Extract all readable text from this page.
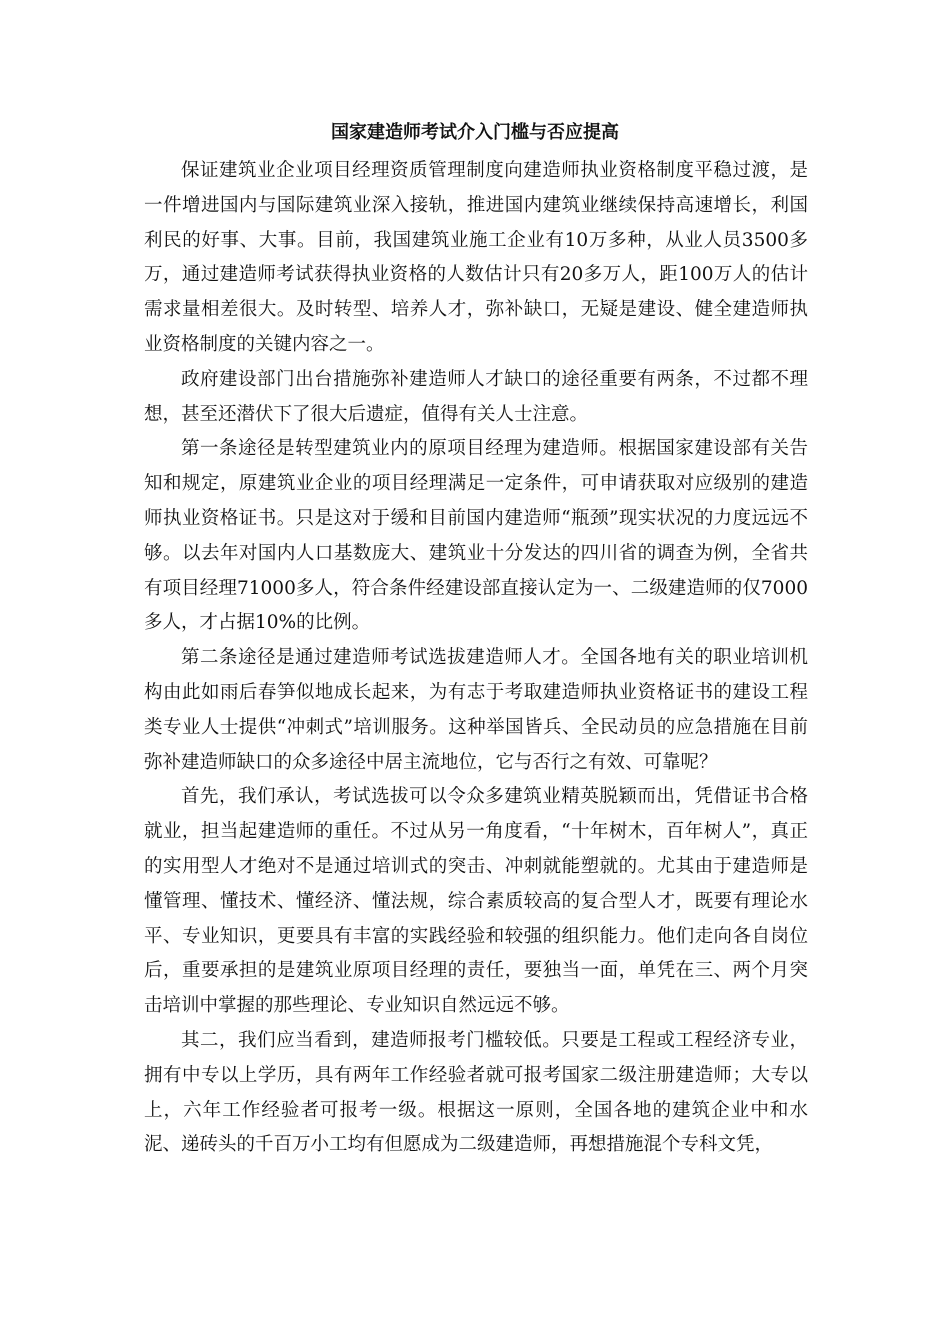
国家建造师考试介入门槛与否应提高

保证建筑业企业项目经理资质管理制度向建造师执业资格制度平稳过渡，是一件增进国内与国际建筑业深入接轨，推进国内建筑业继续保持高速增长，利国利民的好事、大事。目前，我国建筑业施工企业有10万多种，从业人员3500多万，通过建造师考试获得执业资格的人数估计只有20多万人，距100万人的估计需求量相差很大。及时转型、培养人才，弥补缺口，无疑是建设、健全建造师执业资格制度的关键内容之一。

政府建设部门出台措施弥补建造师人才缺口的途径重要有两条，不过都不理想，甚至还潜伏下了很大后遗症，值得有关人士注意。

第一条途径是转型建筑业内的原项目经理为建造师。根据国家建设部有关告知和规定，原建筑业企业的项目经理满足一定条件，可申请获取对应级别的建造师执业资格证书。只是这对于缓和目前国内建造师“瓶颈”现实状况的力度远远不够。以去年对国内人口基数庞大、建筑业十分发达的四川省的调查为例，全省共有项目经理71000多人，符合条件经建设部直接认定为一、二级建造师的仅7000多人，才占据10%的比例。

第二条途径是通过建造师考试选拔建造师人才。全国各地有关的职业培训机构由此如雨后春笋似地成长起来，为有志于考取建造师执业资格证书的建设工程类专业人士提供“冲刺式”培训服务。这种举国皆兵、全民动员的应急措施在目前弥补建造师缺口的众多途径中居主流地位，它与否行之有效、可靠呢？

首先，我们承认，考试选拔可以令众多建筑业精英脱颖而出，凭借证书合格就业，担当起建造师的重任。不过从另一角度看，“十年树木，百年树人”，真正的实用型人才绝对不是通过培训式的突击、冲刺就能塑就的。尤其由于建造师是懂管理、懂技术、懂经济、懂法规，综合素质较高的复合型人才，既要有理论水平、专业知识，更要具有丰富的实践经验和较强的组织能力。他们走向各自岗位后，重要承担的是建筑业原项目经理的责任，要独当一面，单凭在三、两个月突击培训中掌握的那些理论、专业知识自然远远不够。

其二，我们应当看到，建造师报考门槛较低。只要是工程或工程经济专业，拥有中专以上学历，具有两年工作经验者就可报考国家二级注册建造师；大专以上，六年工作经验者可报考一级。根据这一原则，全国各地的建筑企业中和水泥、递砖头的千百万小工均有但愿成为二级建造师，再想措施混个专科文凭，
